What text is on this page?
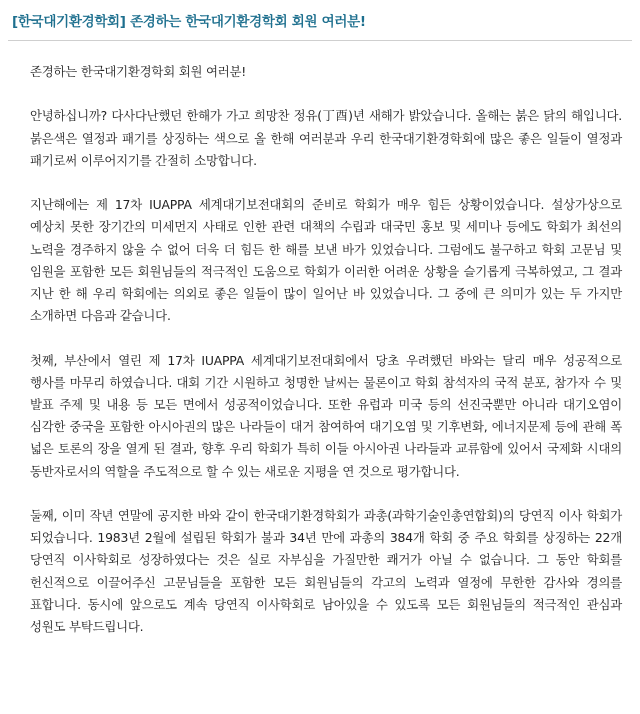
[한국대기환경학회] 존경하는 한국대기환경학회 회원 여러분!

존경하는 한국대기환경학회 회원 여러분!

안녕하십니까? 다사다난했던 한해가 가고 희망찬 정유(丁酉)년 새해가 밝았습니다. 올해는 붉은 닭의 해입니다. 붉은색은 열정과 패기를 상징하는 색으로 올 한해 여러분과 우리 한국대기환경학회에 많은 좋은 일들이 열정과 패기로써 이루어지기를 간절히 소망합니다.

지난해에는 제 17차 IUAPPA 세계대기보전대회의 준비로 학회가 매우 힘든 상황이었습니다. 설상가상으로 예상치 못한 장기간의 미세먼지 사태로 인한 관련 대책의 수립과 대국민 홍보 및 세미나 등에도 학회가 최선의 노력을 경주하지 않을 수 없어 더욱 더 힘든 한 해를 보낸 바가 있었습니다. 그럼에도 불구하고 학회 고문님 및 임원을 포함한 모든 회원님들의 적극적인 도움으로 학회가 이러한 어려운 상황을 슬기롭게 극복하였고, 그 결과 지난 한 해 우리 학회에는 의외로 좋은 일들이 많이 일어난 바 있었습니다. 그 중에 큰 의미가 있는 두 가지만 소개하면 다음과 같습니다.

첫째, 부산에서 열린 제 17차 IUAPPA 세계대기보전대회에서 당초 우려했던 바와는 달리 매우 성공적으로 행사를 마무리 하였습니다. 대회 기간 시원하고 청명한 날씨는 물론이고 학회 참석자의 국적 분포, 참가자 수 및 발표 주제 및 내용 등 모든 면에서 성공적이었습니다. 또한 유럽과 미국 등의 선진국뿐만 아니라 대기오염이 심각한 중국을 포함한 아시아권의 많은 나라들이 대거 참여하여 대기오염 및 기후변화, 에너지문제 등에 관해 폭 넓은 토론의 장을 열게 된 결과, 향후 우리 학회가 특히 이들 아시아권 나라들과 교류함에 있어서 국제화 시대의 동반자로서의 역할을 주도적으로 할 수 있는 새로운 지평을 연 것으로 평가합니다.

둘째, 이미 작년 연말에 공지한 바와 같이 한국대기환경학회가 과총(과학기술인총연합회)의 당연직 이사 학회가 되었습니다. 1983년 2월에 설립된 학회가 불과 34년 만에 과총의 384개 학회 중 주요 학회를 상징하는 22개 당연직 이사학회로 성장하였다는 것은 실로 자부심을 가질만한 쾌거가 아닐 수 없습니다. 그 동안 학회를 헌신적으로 이끌어주신 고문님들을 포함한 모든 회원님들의 각고의 노력과 열정에 무한한 감사와 경의를 표합니다. 동시에 앞으로도 계속 당연직 이사학회로 남아있을 수 있도록 모든 회원님들의 적극적인 관심과 성원도 부탁드립니다.
